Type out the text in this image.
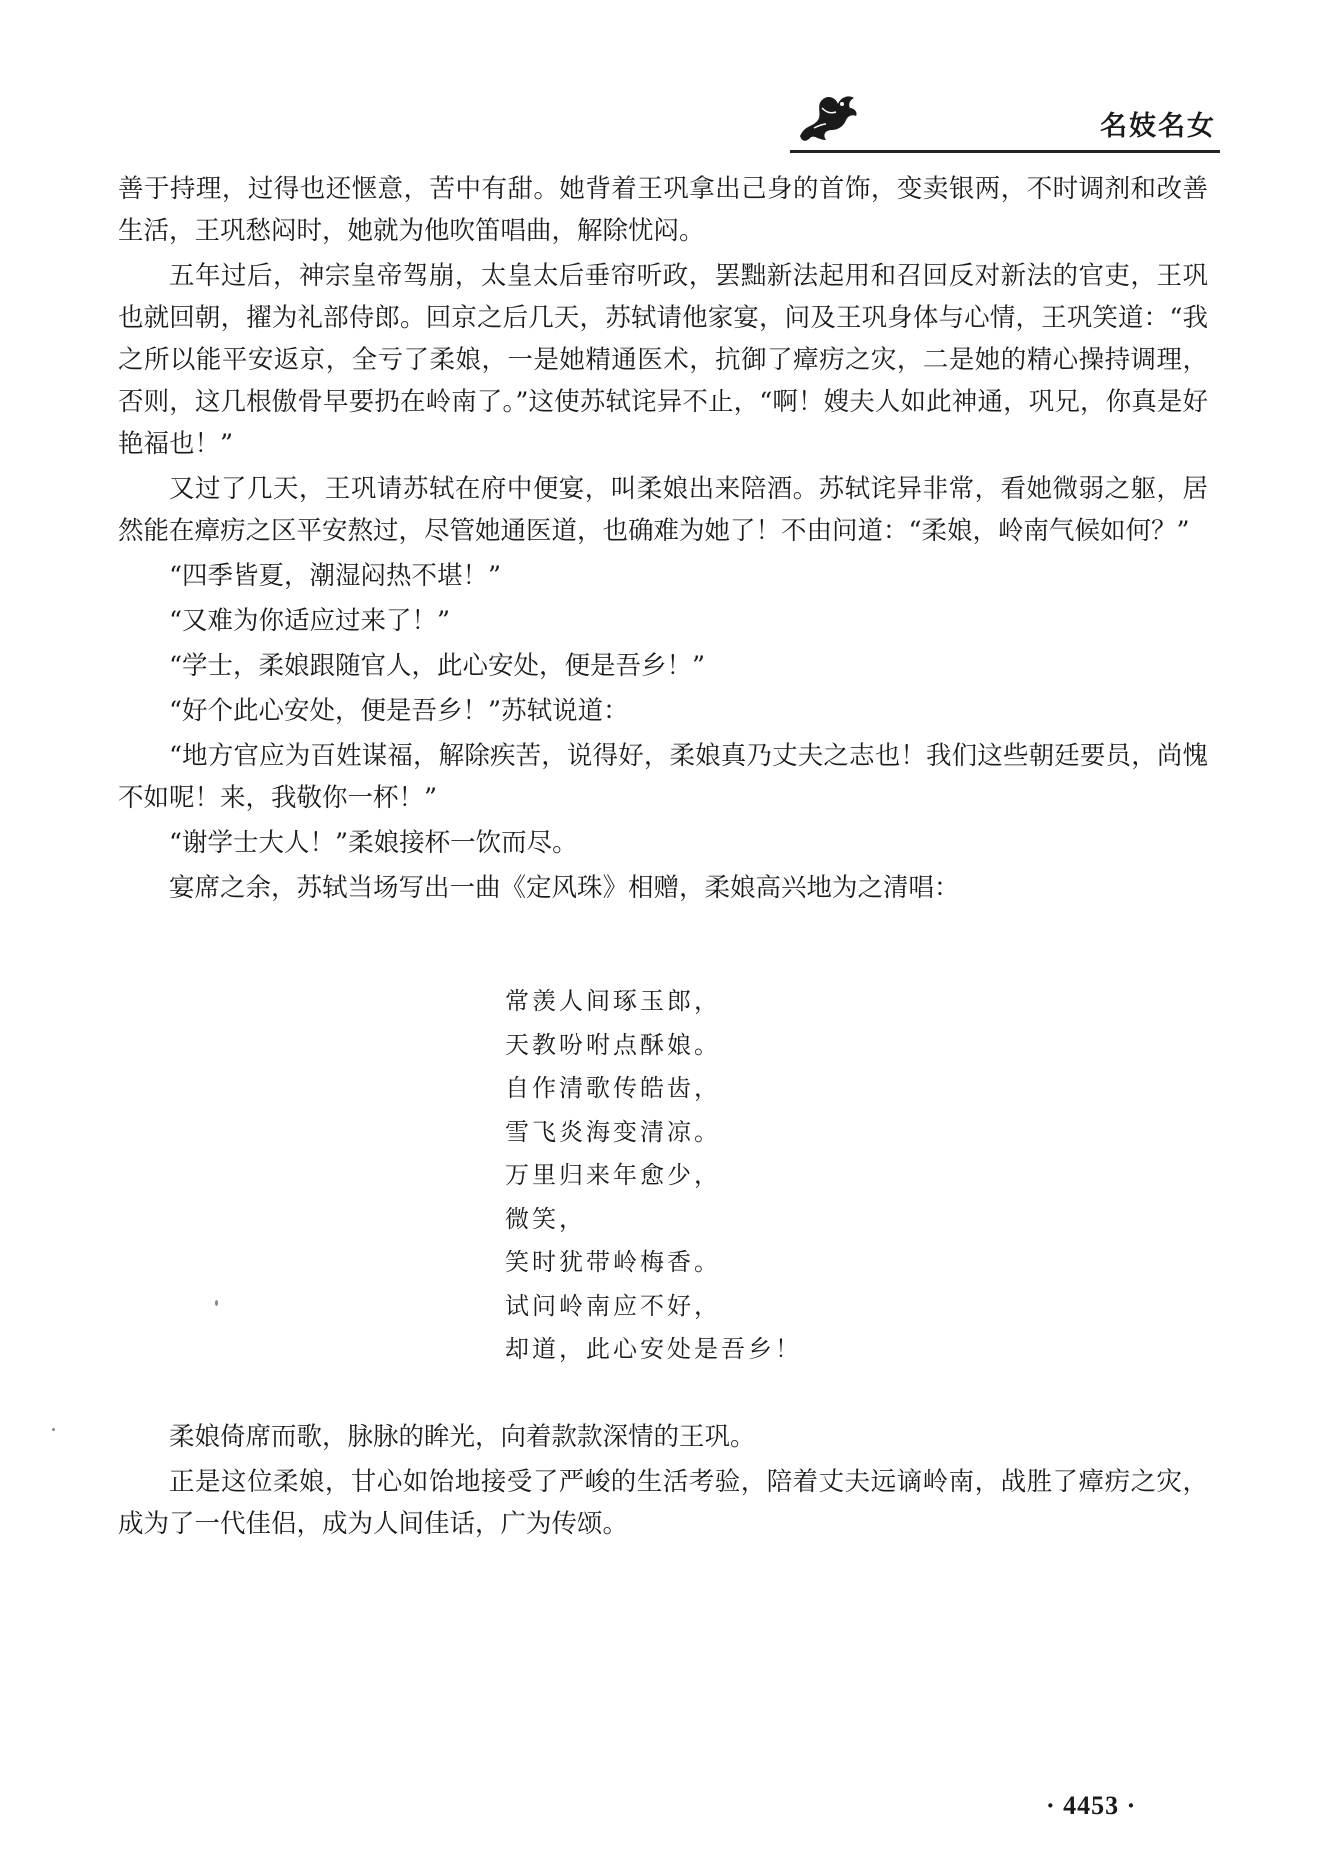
名妓名女

善于持理，过得也还惬意，苦中有甜。她背着王巩拿出己身的首饰，变卖银两，不时调剂和改善生活，王巩愁闷时，她就为他吹笛唱曲，解除忧闷。

五年过后，神宗皇帝驾崩，太皇太后垂帘听政，罢黜新法起用和召回反对新法的官吏，王巩也就回朝，擢为礼部侍郎。回京之后几天，苏轼请他家宴，问及王巩身体与心情，王巩笑道：“我之所以能平安返京，全亏了柔娘，一是她精通医术，抗御了瘴疠之灾，二是她的精心操持调理，否则，这几根傲骨早要扔在岭南了。”这使苏轼诧异不止，“啊！嫂夫人如此神通，巩兄，你真是好艳福也！”

又过了几天，王巩请苏轼在府中便宴，叫柔娘出来陪酒。苏轼诧异非常，看她微弱之躯，居然能在瘴疠之区平安熬过，尽管她通医道，也确难为她了！不由问道：“柔娘，岭南气候如何？”

“四季皆夏，潮湿闷热不堪！”

“又难为你适应过来了！”

“学士，柔娘跟随官人，此心安处，便是吾乡！”

“好个此心安处，便是吾乡！”苏轼说道：

“地方官应为百姓谋福，解除疾苦，说得好，柔娘真乃丈夫之志也！我们这些朝廷要员，尚愧不如呢！来，我敬你一杯！”

“谢学士大人！”柔娘接杯一饮而尽。

宴席之余，苏轼当场写出一曲《定风珠》相赠，柔娘高兴地为之清唱：

常羡人间琢玉郎，
天教吩咐点酥娘。
自作清歌传皓齿，
雪飞炎海变清凉。
万里归来年愈少，
微笑，
笑时犹带岭梅香。
试问岭南应不好，
却道，此心安处是吾乡！

柔娘倚席而歌，脉脉的眸光，向着款款深情的王巩。

正是这位柔娘，甘心如饴地接受了严峻的生活考验，陪着丈夫远谪岭南，战胜了瘴疠之灾，成为了一代佳侣，成为人间佳话，广为传颂。

· 4453 ·
